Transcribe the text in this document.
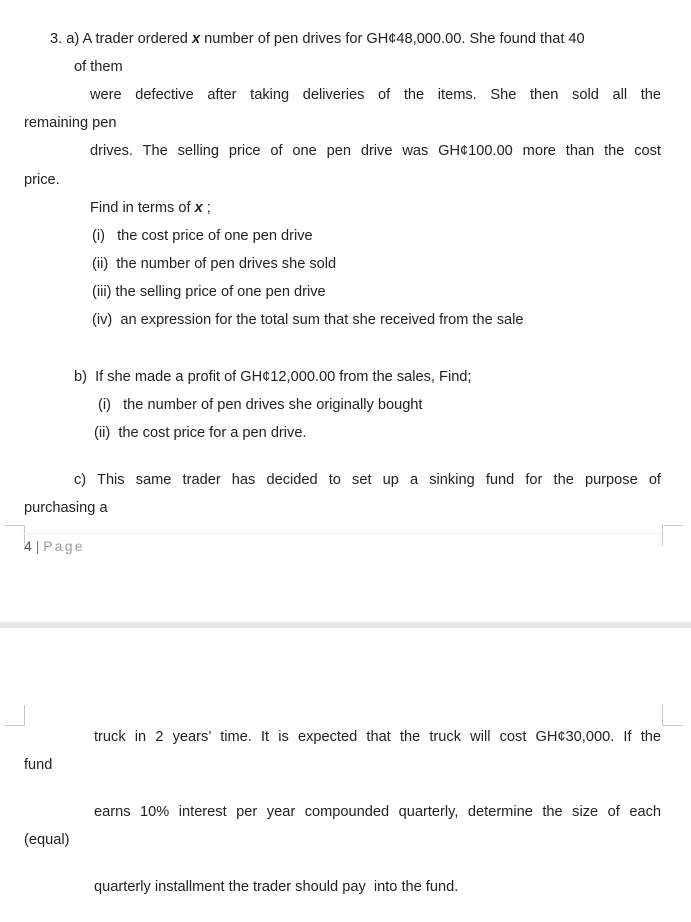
3. a) A trader ordered x number of pen drives for GH¢48,000.00. She found that 40
of them
were defective after taking deliveries of the items. She then sold all the
remaining pen
drives. The selling price of one pen drive was GH¢100.00 more than the cost
price.
Find in terms of x ;
(i)   the cost price of one pen drive
(ii)  the number of pen drives she sold
(iii) the selling price of one pen drive
(iv)  an expression for the total sum that she received from the sale
b)  If she made a profit of GH¢12,000.00 from the sales, Find;
(i)   the number of pen drives she originally bought
(ii)  the cost price for a pen drive.
c) This same trader has decided to set up a sinking fund for the purpose of
purchasing a
4 | Page
truck in 2 years’ time. It is expected that the truck will cost GH¢30,000. If the
fund
earns 10% interest per year compounded quarterly, determine the size of each
(equal)
quarterly installment the trader should pay  into the fund.
